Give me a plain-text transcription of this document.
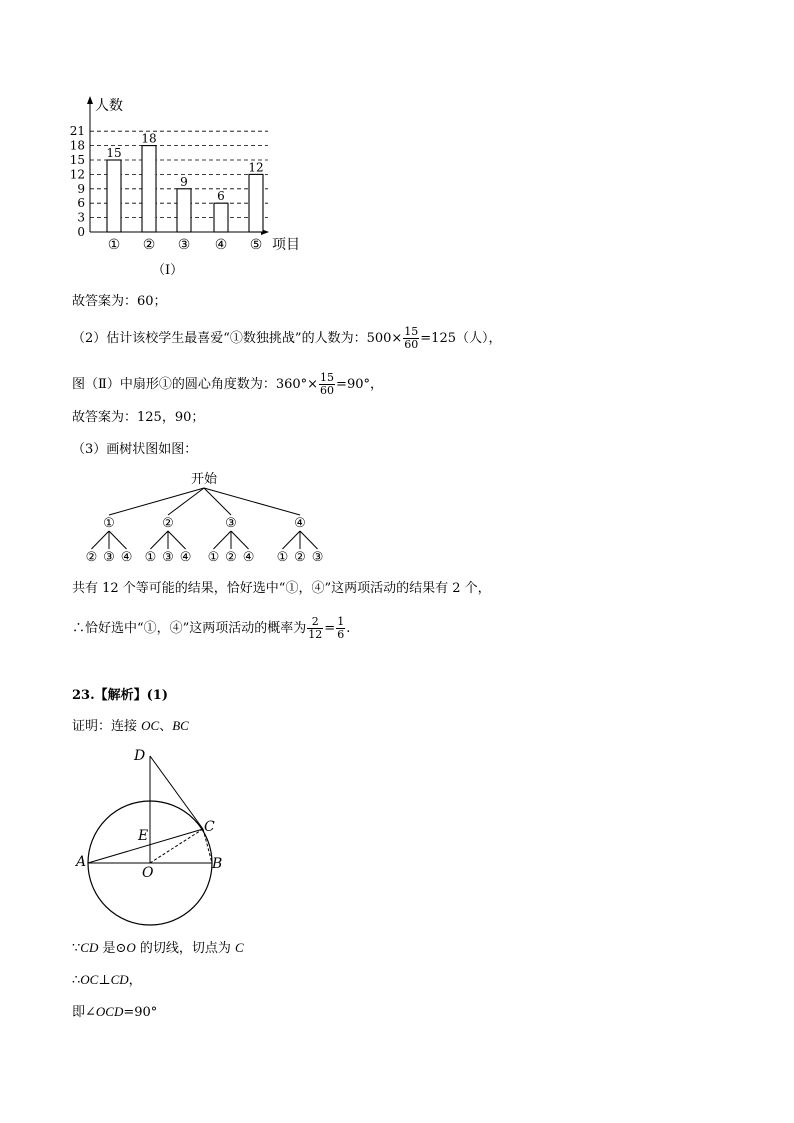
人数
项目
0
3
6
9
12
15
18
21
15
①
18
②
9
③
6
④
12
⑤
（Ⅰ）
故答案为：60；
（2）估计该校学生最喜爱“①数独挑战”的人数为：$500\times \frac{15}{60} =125$（人），
图（Ⅱ）中扇形①的圆心角度数为：$360^\circ\times \frac{15}{60} =90^\circ$，
故答案为：125，90；
（3）画树状图如图：
开始
①
② ③ ④
②
① ③ ④
③
① ② ④
④
① ② ③
共有 12 个等可能的结果，恰好选中“①，④”这两项活动的结果有 2 个，
∴恰好选中“①，④”这两项活动的概率为 $\frac{2}{12} = \frac{1}{6}$ .
23.【解析】(1)
证明：连接 OC、BC
D
E
C
A
O
B
∵CD 是⊙O 的切线，切点为 C
∴OC⊥CD，
即∠OCD=90°
